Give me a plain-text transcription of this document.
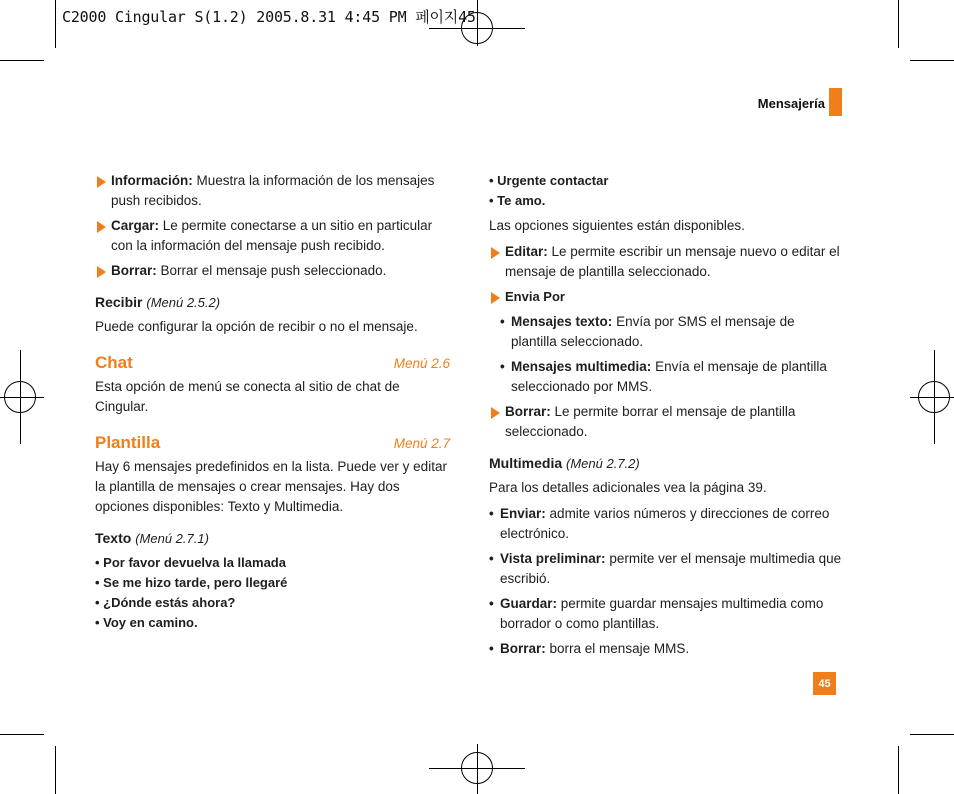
C2000 Cingular S(1.2) 2005.8.31 4:45 PM 페이지45
Mensajería
Información: Muestra la información de los mensajes push recibidos.
Cargar: Le permite conectarse a un sitio en particular con la información del mensaje push recibido.
Borrar: Borrar el mensaje push seleccionado.
Recibir (Menú 2.5.2)
Puede configurar la opción de recibir o no el mensaje.
Chat	Menú 2.6
Esta opción de menú se conecta al sitio de chat de Cingular.
Plantilla	Menú 2.7
Hay 6 mensajes predefinidos en la lista. Puede ver y editar la plantilla de mensajes o crear mensajes. Hay dos opciones disponibles: Texto y Multimedia.
Texto (Menú 2.7.1)
• Por favor devuelva la llamada
• Se me hizo tarde, pero llegaré
• ¿Dónde estás ahora?
• Voy en camino.
• Urgente contactar
• Te amo.
Las opciones siguientes están disponibles.
Editar: Le permite escribir un mensaje nuevo o editar el mensaje de plantilla seleccionado.
Envia Por
• Mensajes texto: Envía por SMS el mensaje de plantilla seleccionado.
• Mensajes multimedia: Envía el mensaje de plantilla seleccionado por MMS.
Borrar: Le permite borrar el mensaje de plantilla seleccionado.
Multimedia (Menú 2.7.2)
Para los detalles adicionales vea la página 39.
• Enviar: admite varios números y direcciones de correo electrónico.
• Vista preliminar: permite ver el mensaje multimedia que escribió.
• Guardar: permite guardar mensajes multimedia como borrador o como plantillas.
• Borrar: borra el mensaje MMS.
45
